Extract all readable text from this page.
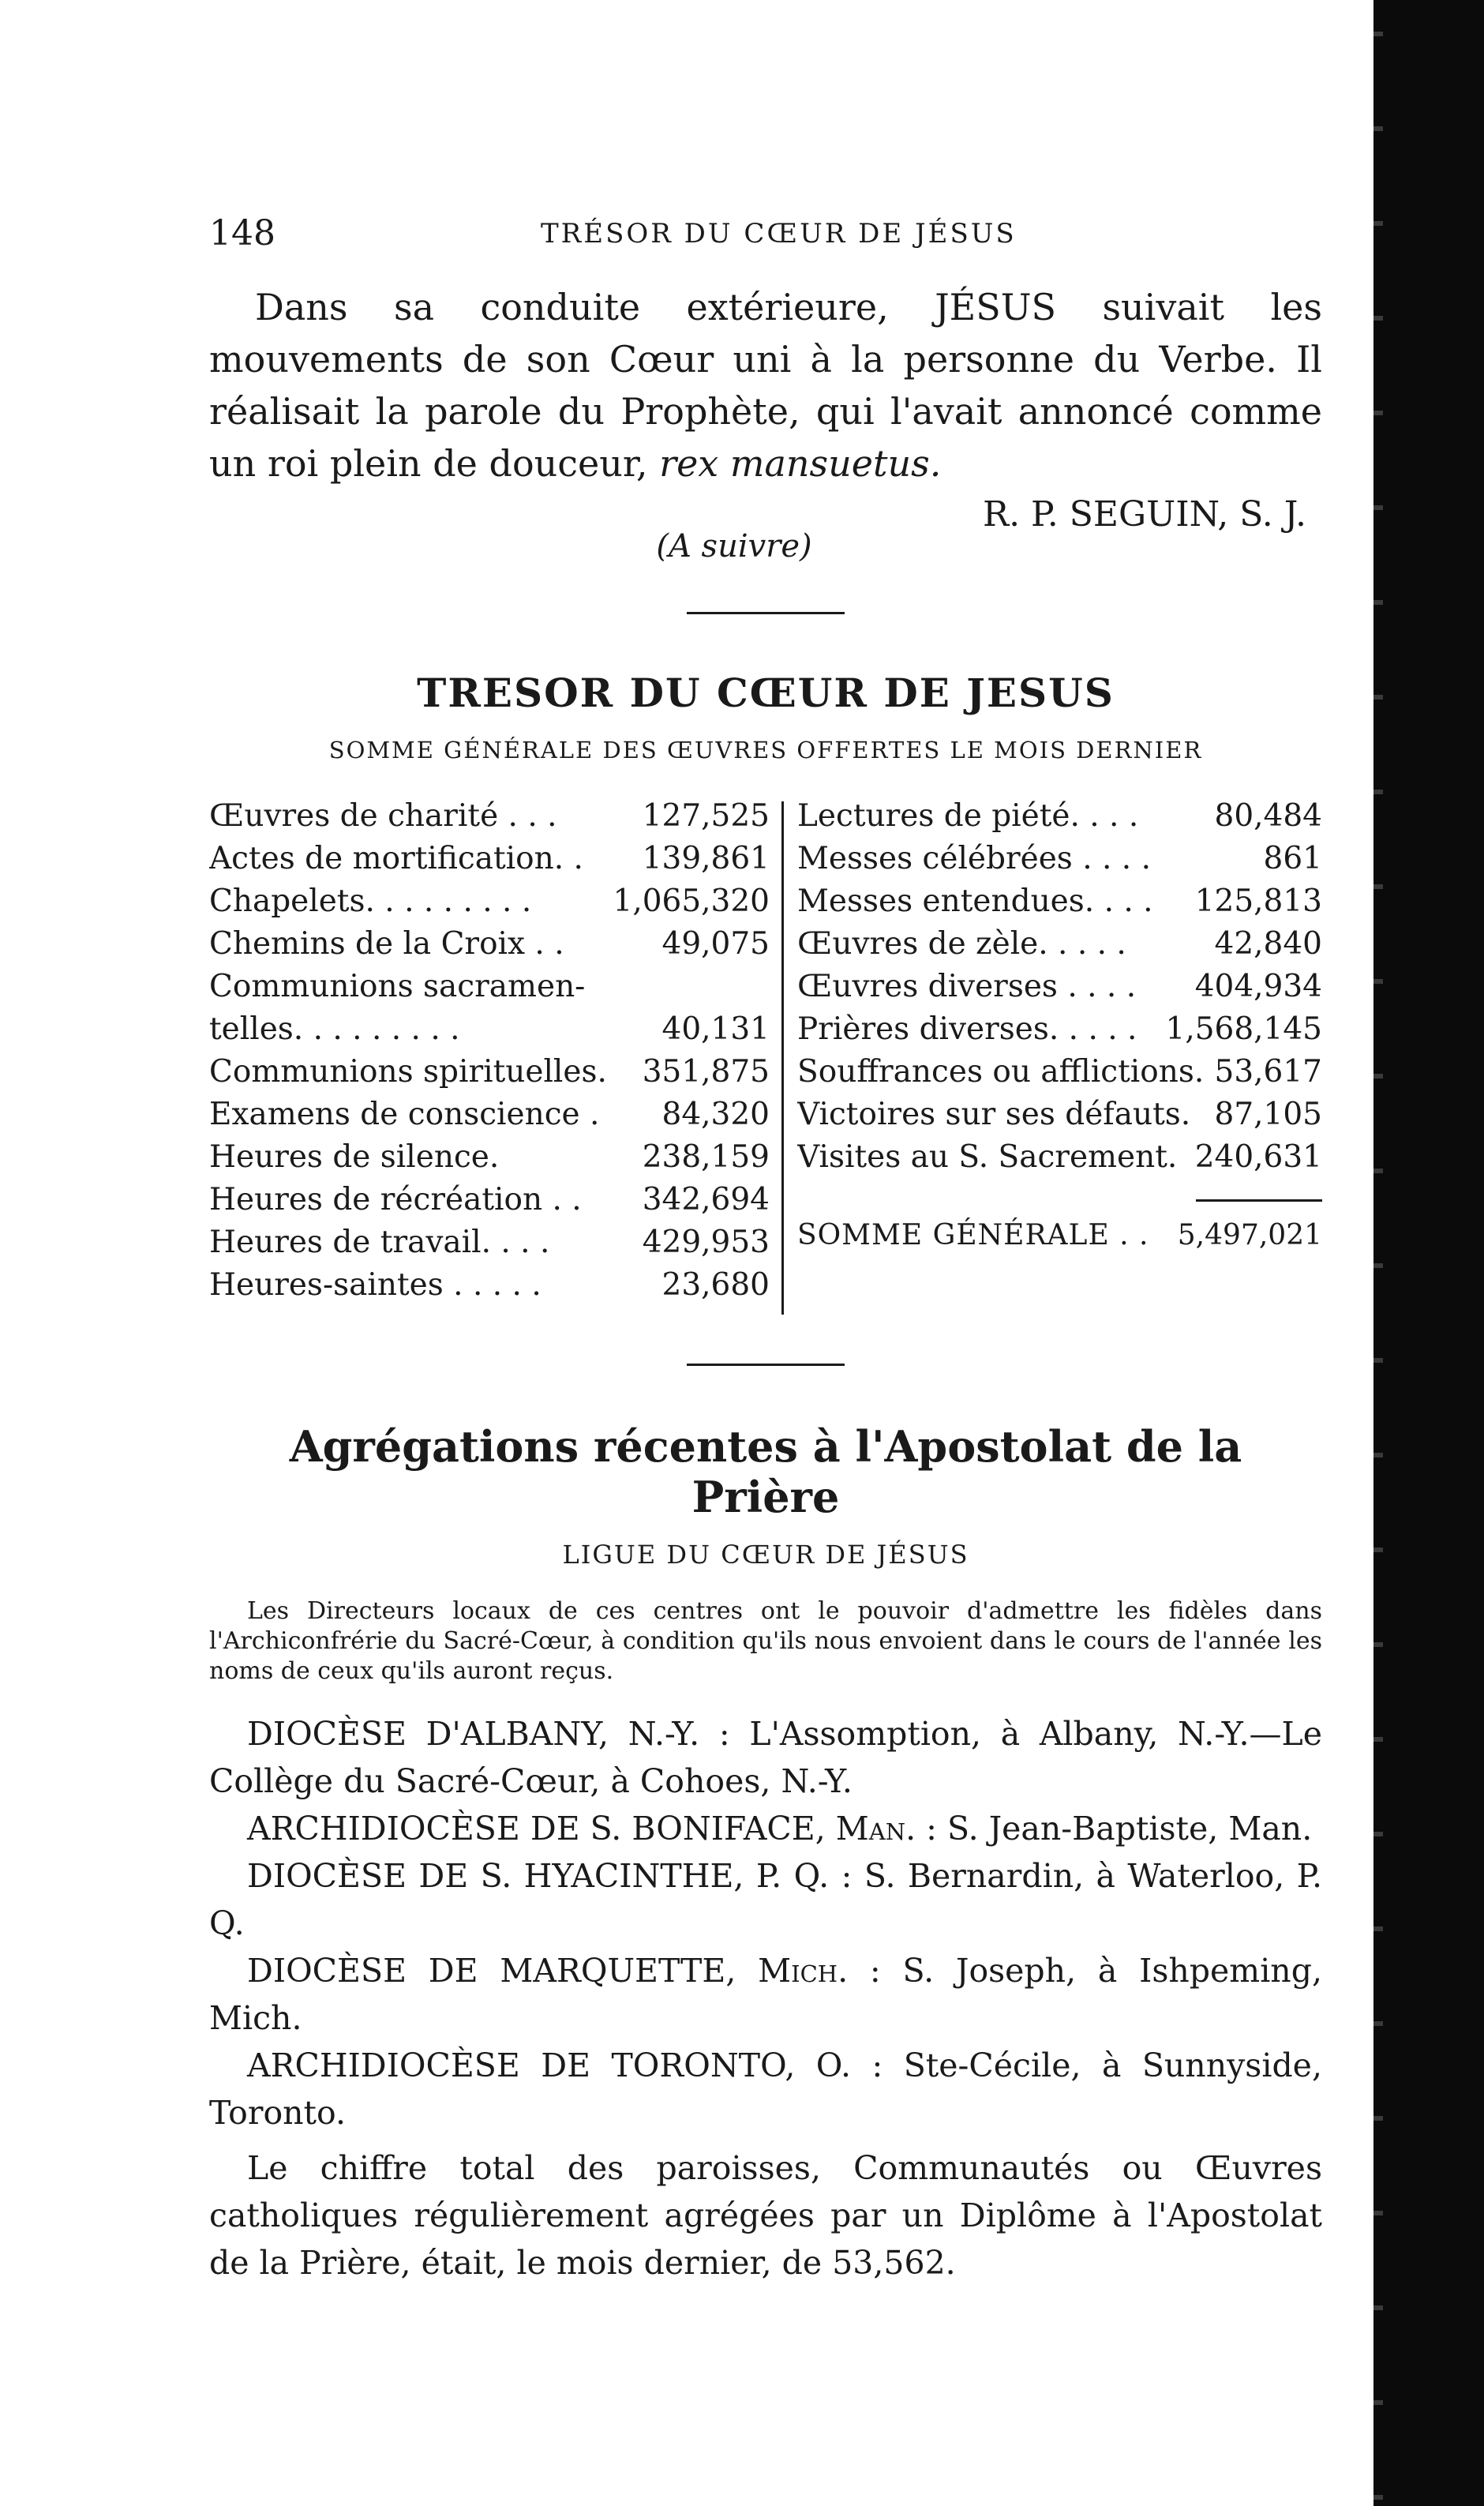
148	TRÉSOR DU CŒUR DE JÉSUS

Dans sa conduite extérieure, JÉSUS suivait les mouvements de son Cœur uni à la personne du Verbe. Il réalisait la parole du Prophète, qui l'avait annoncé comme un roi plein de douceur, rex mansuetus.

R. P. SEGUIN, S. J.
(A suivre)
TRESOR DU CŒUR DE JESUS
SOMME GÉNÉRALE DES ŒUVRES OFFERTES LE MOIS DERNIER
Œuvres de charité . . .	127,525
Actes de mortification. . 139,861
Chapelets. . . . . . . . .	1,065,320
Chemins de la Croix . .	49,075
Communions sacramen-
telles. . . . . . . . .	40,131
Communions spirituelles. 351,875
Examens de conscience . 84,320
Heures de silence.	238,159
Heures de récréation . . 342,694
Heures de travail. . . .	429,953
Heures-saintes . . . . .	23,680
Lectures de piété. . . . 80,484
Messes célébrées . . . .	861
Messes entendues. . . . 125,813
Œuvres de zèle. . . . .	42,840
Œuvres diverses . . . . 404,934
Prières diverses. . . . . 1,568,145
Souffrances ou afflictions. 53,617
Victoires sur ses défauts. 87,105
Visites au S. Sacrement. 240,631
SOMME GÉNÉRALE . . 5,497,021
Agrégations récentes à l'Apostolat de la Prière
LIGUE DU CŒUR DE JÉSUS

Les Directeurs locaux de ces centres ont le pouvoir d'admettre les fidèles dans l'Archiconfrérie du Sacré-Cœur, à condition qu'ils nous envoient dans le cours de l'année les noms de ceux qu'ils auront reçus.

DIOCÈSE D'ALBANY, N.-Y. : L'Assomption, à Albany, N.-Y.—Le Collège du Sacré-Cœur, à Cohoes, N.-Y.

ARCHIDIOCÈSE DE S. BONIFACE, Man. : S. Jean-Baptiste, Man.

DIOCÈSE DE S. HYACINTHE, P. Q. : S. Bernardin, à Waterloo, P. Q.

DIOCÈSE DE MARQUETTE, Mich. : S. Joseph, à Ishpeming, Mich.

ARCHIDIOCÈSE DE TORONTO, O. : Ste-Cécile, à Sunnyside, Toronto.

Le chiffre total des paroisses, Communautés ou Œuvres catholiques régulièrement agrégées par un Diplôme à l'Apostolat de la Prière, était, le mois dernier, de 53,562.
